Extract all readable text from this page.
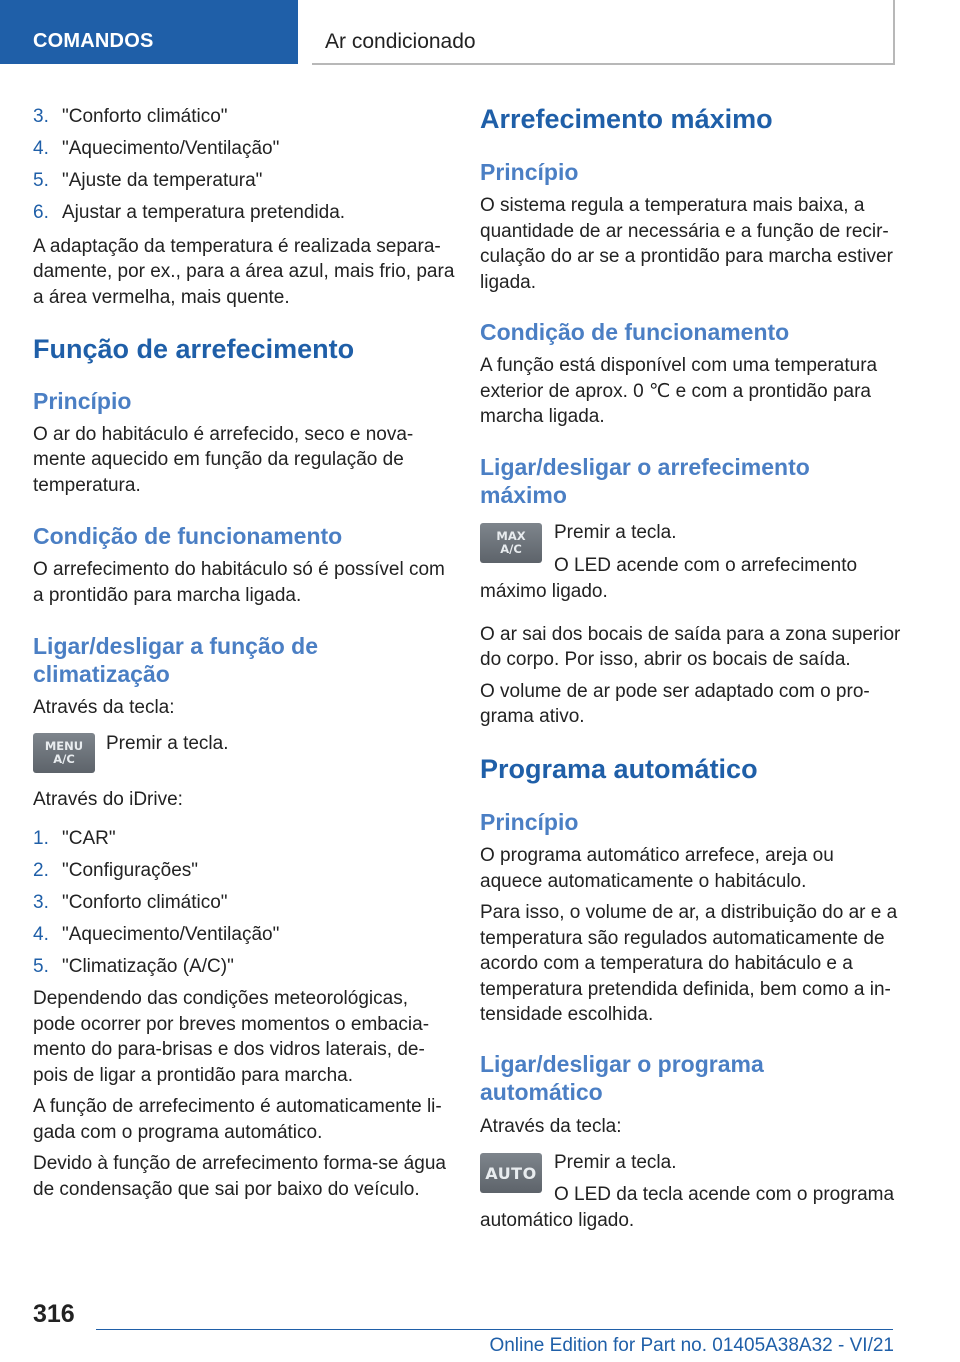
COMANDOS	Ar condicionado
3. "Conforto climático"
4. "Aquecimento/Ventilação"
5. "Ajuste da temperatura"
6. Ajustar a temperatura pretendida.
A adaptação da temperatura é realizada separa-
damente, por ex., para a área azul, mais frio, para
a área vermelha, mais quente.
Função de arrefecimento
Princípio
O ar do habitáculo é arrefecido, seco e nova-
mente aquecido em função da regulação de
temperatura.
Condição de funcionamento
O arrefecimento do habitáculo só é possível com
a prontidão para marcha ligada.
Ligar/desligar a função de
climatização
Através da tecla:
MENU
A/C
Premir a tecla.
Através do iDrive:
1. "CAR"
2. "Configurações"
3. "Conforto climático"
4. "Aquecimento/Ventilação"
5. "Climatização (A/C)"
Dependendo das condições meteorológicas,
pode ocorrer por breves momentos o embacia-
mento do para-brisas e dos vidros laterais, de-
pois de ligar a prontidão para marcha.
A função de arrefecimento é automaticamente li-
gada com o programa automático.
Devido à função de arrefecimento forma-se água
de condensação que sai por baixo do veículo.
Arrefecimento máximo
Princípio
O sistema regula a temperatura mais baixa, a
quantidade de ar necessária e a função de recir-
culação do ar se a prontidão para marcha estiver
ligada.
Condição de funcionamento
A função está disponível com uma temperatura
exterior de aprox. 0 ℃ e com a prontidão para
marcha ligada.
Ligar/desligar o arrefecimento
máximo
MAX
A/C
Premir a tecla.
O LED acende com o arrefecimento
máximo ligado.
O ar sai dos bocais de saída para a zona superior
do corpo. Por isso, abrir os bocais de saída.
O volume de ar pode ser adaptado com o pro-
grama ativo.
Programa automático
Princípio
O programa automático arrefece, areja ou
aquece automaticamente o habitáculo.
Para isso, o volume de ar, a distribuição do ar e a
temperatura são regulados automaticamente de
acordo com a temperatura do habitáculo e a
temperatura pretendida definida, bem como a in-
tensidade escolhida.
Ligar/desligar o programa
automático
Através da tecla:
AUTO Premir a tecla.
O LED da tecla acende com o programa
automático ligado.
316
Online Edition for Part no. 01405A38A32 - VI/21
